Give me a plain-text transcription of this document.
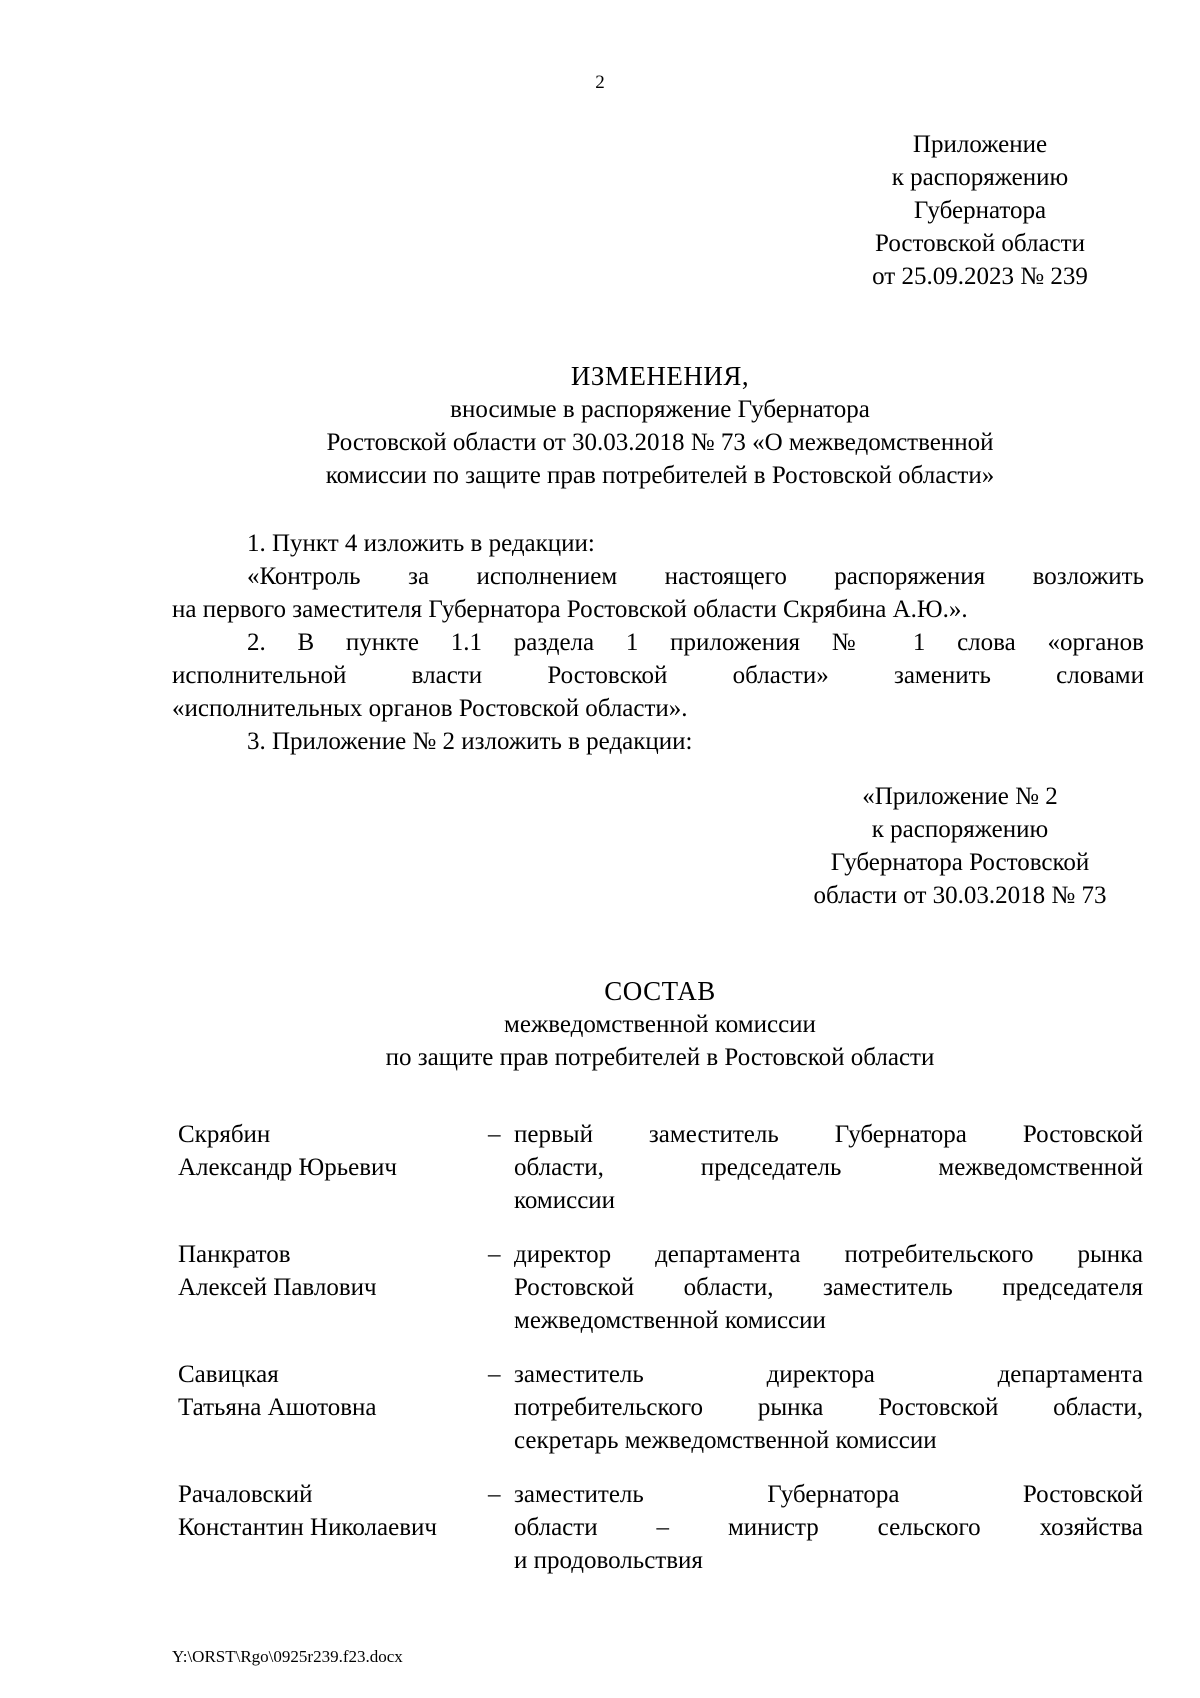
2
Приложение
к распоряжению
Губернатора
Ростовской области
от 25.09.2023 № 239
ИЗМЕНЕНИЯ,
вносимые в распоряжение Губернатора
Ростовской области от 30.03.2018 № 73 «О межведомственной
комиссии по защите прав потребителей в Ростовской области»

1. Пункт 4 изложить в редакции:

«Контроль за исполнением настоящего распоряжения возложить

на первого заместителя Губернатора Ростовской области Скрябина А.Ю.».

2. В пункте 1.1 раздела 1 приложения № 1 слова «органов

исполнительной власти Ростовской области» заменить словами

«исполнительных органов Ростовской области».

3. Приложение № 2 изложить в редакции:

«Приложение № 2
к распоряжению
Губернатора Ростовской
области от 30.03.2018 № 73
СОСТАВ
межведомственной комиссии
по защите прав потребителей в Ростовской области
Скрябин
Александр Юрьевич
– первый заместитель Губернатора Ростовской
области, председатель межведомственной
комиссии
Панкратов
Алексей Павлович
– директор департамента потребительского рынка
Ростовской области, заместитель председателя
межведомственной комиссии
Савицкая
Татьяна Ашотовна
– заместитель директора департамента
потребительского рынка Ростовской области,
секретарь межведомственной комиссии
Рачаловский
Константин Николаевич
– заместитель Губернатора Ростовской
области – министр сельского хозяйства
и продовольствия
Y:\ORST\Rgo\0925r239.f23.docx
